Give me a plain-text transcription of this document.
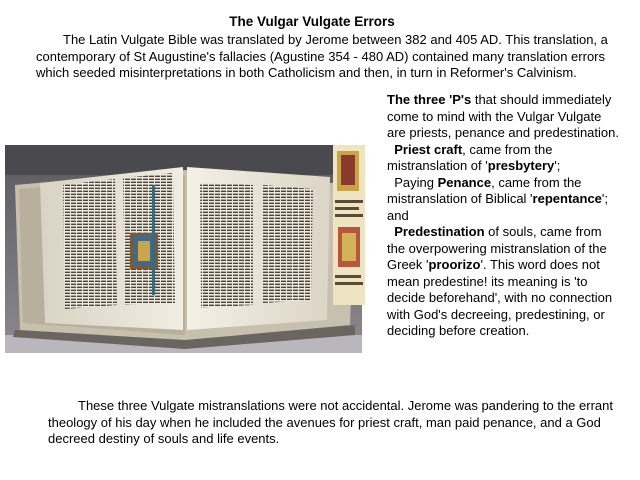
The Vulgar Vulgate Errors

The Latin Vulgate Bible was translated by Jerome between 382 and 405 AD. This translation, a contemporary of St Augustine's fallacies (Agustine 354 - 480 AD) contained many translation errors which seeded misinterpretations in both Catholicism and then, in turn in Reformer's Calvinism.

The three 'P's that should immediately come to mind with the Vulgar Vulgate are priests, penance and predestination.

Priest craft, came from the mistranslation of 'presbytery';

Paying Penance, came from the mistranslation of Biblical 'repentance'; and

Predestination of souls, came from the overpowering mistranslation of the Greek 'proorizo'. This word does not mean predestine! its meaning is 'to decide beforehand', with no connection with God's decreeing, predestining, or deciding before creation.

These three Vulgate mistranslations were not accidental. Jerome was pandering to the errant theology of his day when he included the avenues for priest craft, man paid penance, and a God decreed destiny of souls and life events.
